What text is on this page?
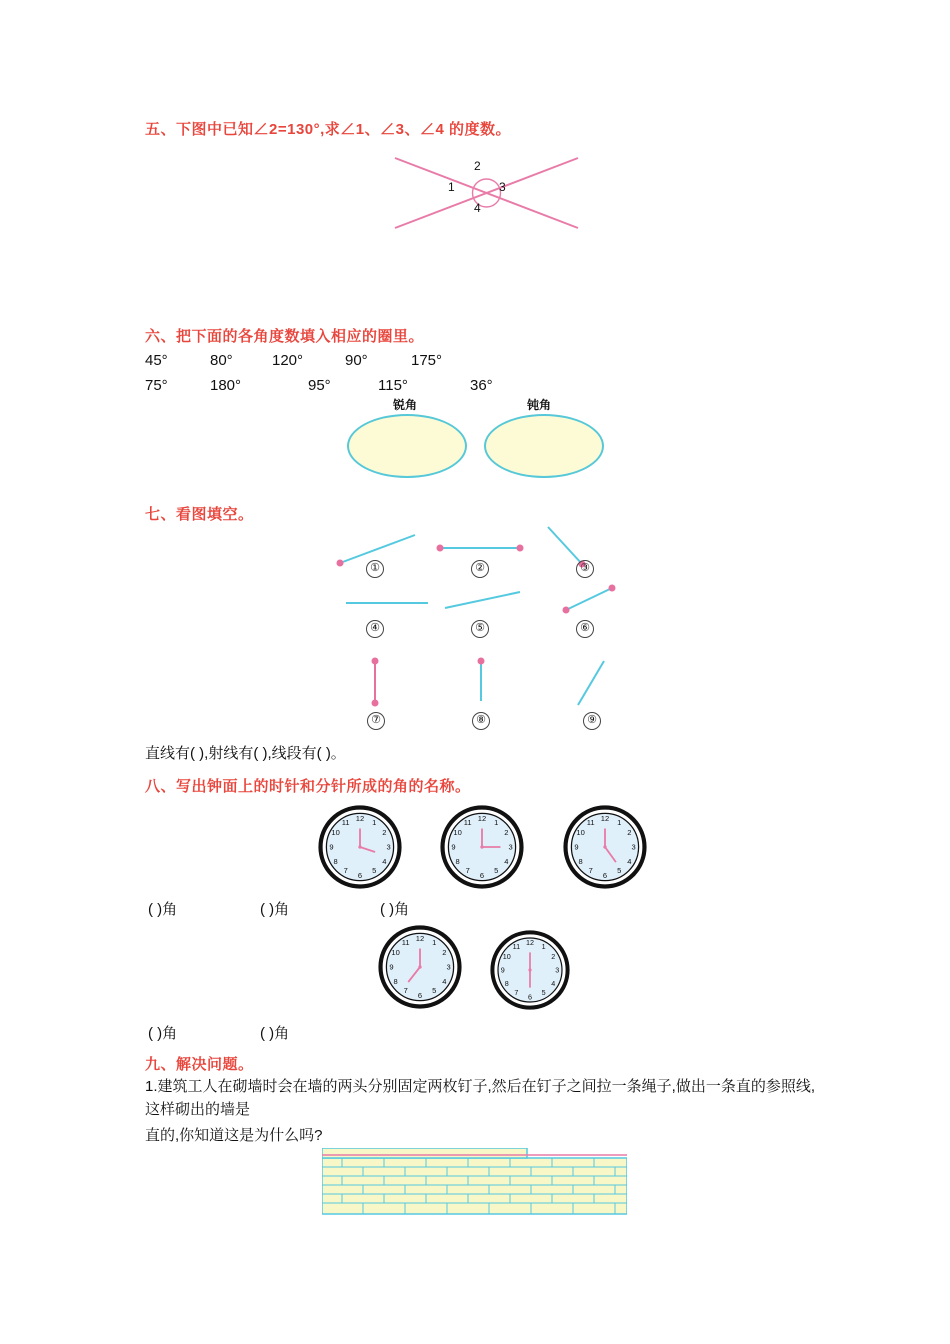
五、下图中已知∠2=130°,求∠1、∠3、∠4 的度数。
2
1	3
4
六、把下面的各角度数填入相应的圈里。
45°	80°	120°	90°	175°
75°	180°	95°	115°	36°
锐角	钝角
七、看图填空。
①	②	③
④	⑤	⑥
⑦	⑧	⑨
直线有( ),射线有( ),线段有( )。
八、写出钟面上的时针和分针所成的角的名称。
12 1
2
3
4
5
6
7
8
9
10
11	12 1
2
3
4
5
6
7
8
9
10
11	12 1
2
3
4
5
6
7
8
9
10
11
( )角	( )角	( )角
12 1
2
3
4
5
6
7
8
9
10
11	12 1
2
3
4
5
6
7
8
9
10
11
( )角	( )角
九、解决问题。
1.建筑工人在砌墙时会在墙的两头分别固定两枚钉子,然后在钉子之间拉一条绳子,做出一条直的参照线,这样砌出的墙是
直的,你知道这是为什么吗?
